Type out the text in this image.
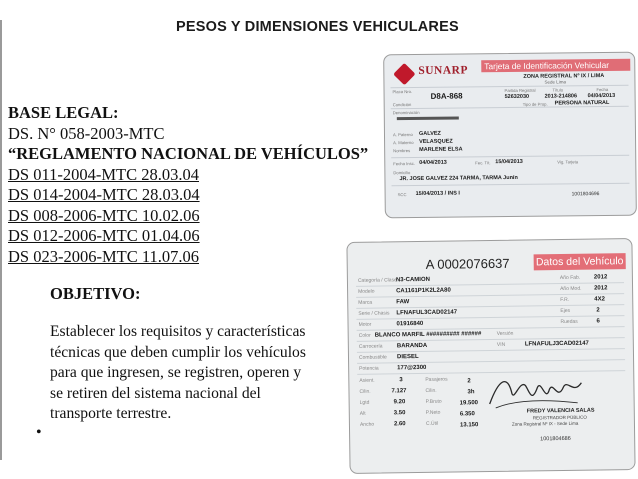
PESOS Y DIMENSIONES VEHICULARES
BASE LEGAL:
DS. N° 058-2003-MTC
“REGLAMENTO NACIONAL DE VEHÍCULOS”
DS 011-2004-MTC 28.03.04
DS 014-2004-MTC 28.03.04
DS 008-2006-MTC 10.02.06
DS 012-2006-MTC 01.04.06
DS 023-2006-MTC 11.07.06
OBJETIVO:
Establecer los requisitos y características técnicas que deben cumplir los vehículos para que ingresen, se registren, operen y se retiren del sistema nacional del transporte terrestre.
•
SUNARP	Tarjeta de Identificación Vehicular
ZONA REGISTRAL Nº IX / LIMA
Sede Lima
Placa Nro. D8A-868
Partida Registral
52632030
Título
2013-214806
Fecha
04/04/2013
Condición	Tipo de Prop. PERSONA NATURAL
Denominación
A. Paterno GALVEZ
A. Materno VELASQUEZ
Nombres MARLENE ELSA
Fecha Insc. 04/04/2013	Fec. Tít. 15/04/2013	Vig. Tarjeta
Domicilio
JR. JOSE GALVEZ 224 TARMA, TARMA Junín
SCC 15/04/2013 / INS I	1001804696
A 0002076637 Datos del Vehículo
Categoría / Clase
N3-CAMION	Año Fab. 2012
Modelo	CA1161P1K2L2A80	Año Mod. 2012
Marca	FAW	F.R.	4X2
Serie / Chasis LFNAFUL3CAD02147	Ejes	2
Motor	01916840	Ruedas	6
Color BLANCO MARFIL ########## ######	Versión
Carrocería BARANDA	VIN	LFNAFULJ3CAD02147
Combustible DIESEL
Potencia	177@2300
Asient.	3	Pasajeros	2
Cilin.	7.127	Cilin.	3h
Lgtd	9.20	P.Bruto	19.500
Alt	3.50	P.Neto	6.350
Ancho	2.60	C.Útil	13.150
FREDY VALENCIA SALAS
REGISTRADOR PÚBLICO
Zona Registral Nº IX - Sede Lima
1001804686
